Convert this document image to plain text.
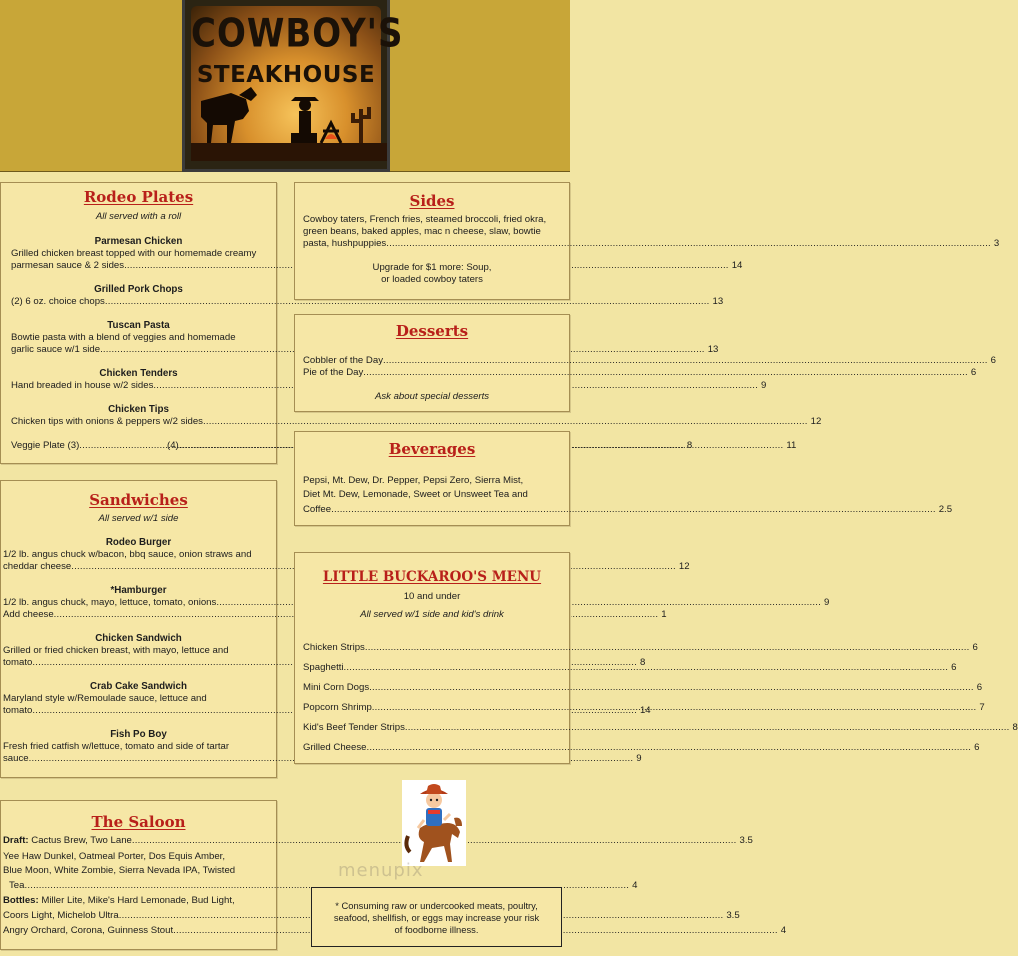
COWBOY'S
STEAKHOUSE
Rodeo Plates
All served with a roll
Parmesan Chicken
Grilled chicken breast topped with our homemade creamy
parmesan sauce & 2 sides .....	14
Grilled Pork Chops
(2) 6 oz. choice chops .....	13
Tuscan Pasta
Bowtie pasta with a blend of veggies and homemade
garlic sauce w/1 side .....	13
Chicken Tenders
Hand breaded in house w/2 sides .....	9
Chicken Tips
Chicken tips with onions & peppers w/2 sides .....	12
Veggie Plate (3) .....	8
(4) .....	11
Sandwiches
All served w/1 side
Rodeo Burger
1/2 lb. angus chuck w/bacon, bbq sauce, onion straws and
cheddar cheese .....	12
*Hamburger
1/2 lb. angus chuck, mayo, lettuce, tomato, onions .....	9
Add cheese .....	1
Chicken Sandwich
Grilled or fried chicken breast, with mayo, lettuce and
tomato .....	8
Crab Cake Sandwich
Maryland style w/Remoulade sauce, lettuce and
tomato .....	14
Fish Po Boy
Fresh fried catfish w/lettuce, tomato and side of tartar
sauce .....	9
The Saloon
Draft: Cactus Brew, Two Lane .....	3.5
Yee Haw Dunkel, Oatmeal Porter, Dos Equis Amber,
Blue Moon, White Zombie, Sierra Nevada IPA, Twisted
Tea .....	4
Bottles: Miller Lite, Mike's Hard Lemonade, Bud Light,
Coors Light, Michelob Ultra .....	3.5
Angry Orchard, Corona, Guinness Stout .....	4
Sides
Cowboy taters, French fries, steamed broccoli, fried okra,
green beans, baked apples, mac n cheese, slaw, bowtie
pasta, hushpuppies .....	3
Upgrade for $1 more: Soup,
or loaded cowboy taters
Desserts
Cobbler of the Day .....	6
Pie of the Day .....	6
Ask about special desserts
Beverages
Pepsi, Mt. Dew, Dr. Pepper, Pepsi Zero, Sierra Mist,
Diet Mt. Dew, Lemonade, Sweet or Unsweet Tea and
Coffee .....	2.5
LITTLE BUCKAROO'S MENU
10 and under
All served w/1 side and kid's drink
Chicken Strips .....	6
Spaghetti .....	6
Mini Corn Dogs .....	6
Popcorn Shrimp .....	7
Kid's Beef Tender Strips .....	8
Grilled Cheese .....	6
menupix
* Consuming raw or undercooked meats, poultry,
seafood, shellfish, or eggs may increase your risk
of foodborne illness.
